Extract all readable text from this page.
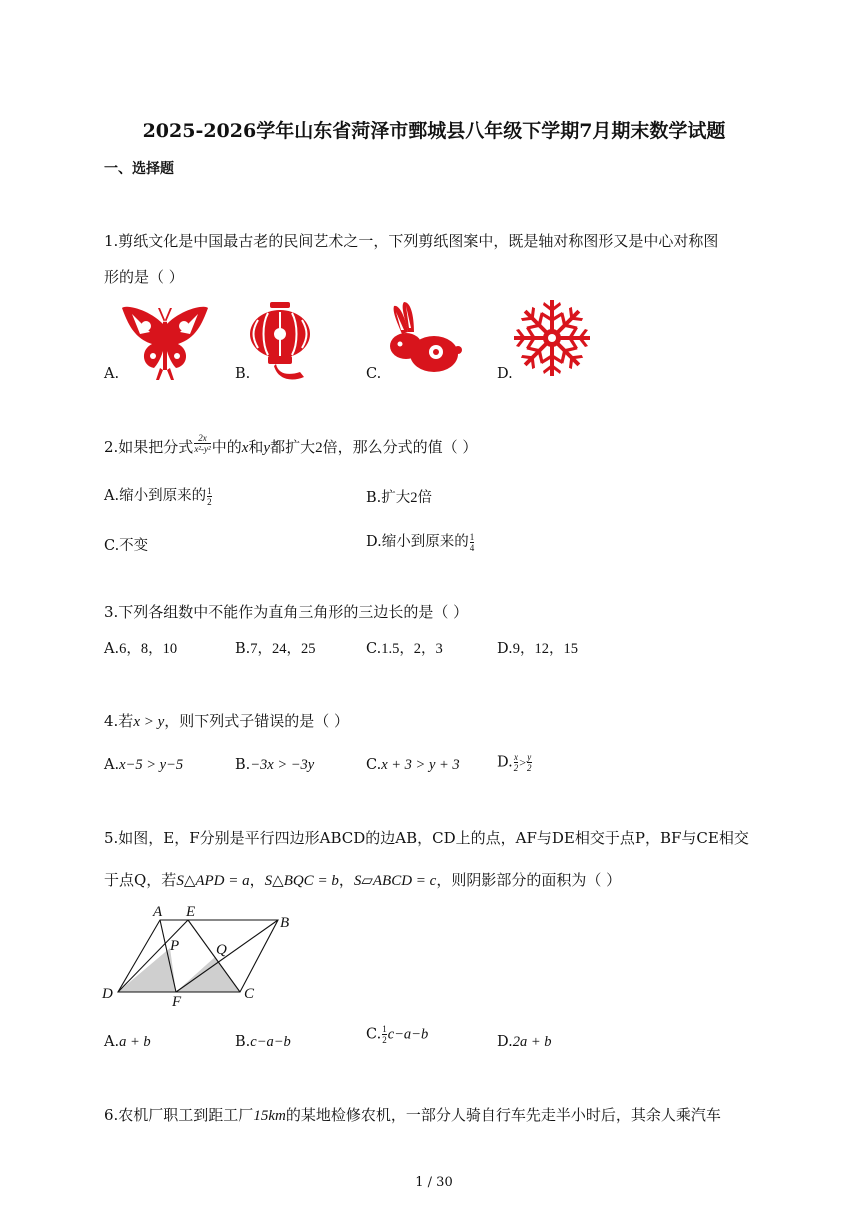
2025-2026学年山东省菏泽市鄄城县八年级下学期7月期末数学试题
一、选择题
1.剪纸文化是中国最古老的民间艺术之一，下列剪纸图案中，既是轴对称图形又是中心对称图
形的是（ ）
A.	B.	C.	D.
2.如果把分式 $\frac{2x}{\text{x²-y²}}$ 中的x和y都扩大2倍，那么分式的值（ ）
A.缩小到原来的 $\frac{1}{2}$	B.扩大2倍
C.不变	D.缩小到原来的 $\frac{1}{4}$
3.下列各组数中不能作为直角三角形的三边长的是（ ）
A.6，8，10	B.7，24，25	C.1.5，2，3	D.9，12，15
4.若x > y，则下列式子错误的是（ ）
A.x−5 > y−5	B.−3x > −3y	C.x + 3 > y + 3	D. $\frac{x}{2} > \frac{y}{2}$
5.如图，E，F分别是平行四边形ABCD的边AB，CD上的点，AF与DE相交于点P，BF与CE相交
于点Q，若S△APD = a，S△BQC = b，S▱ABCD = c，则阴影部分的面积为（ ）
A E
B
P Q
D	F	C
A.a + b	B.c−a−b	C. $\frac{1}{2} c-a-b$	D.2a + b
6.农机厂职工到距工厂15km的某地检修农机，一部分人骑自行车先走半小时后，其余人乘汽车
1 / 30
